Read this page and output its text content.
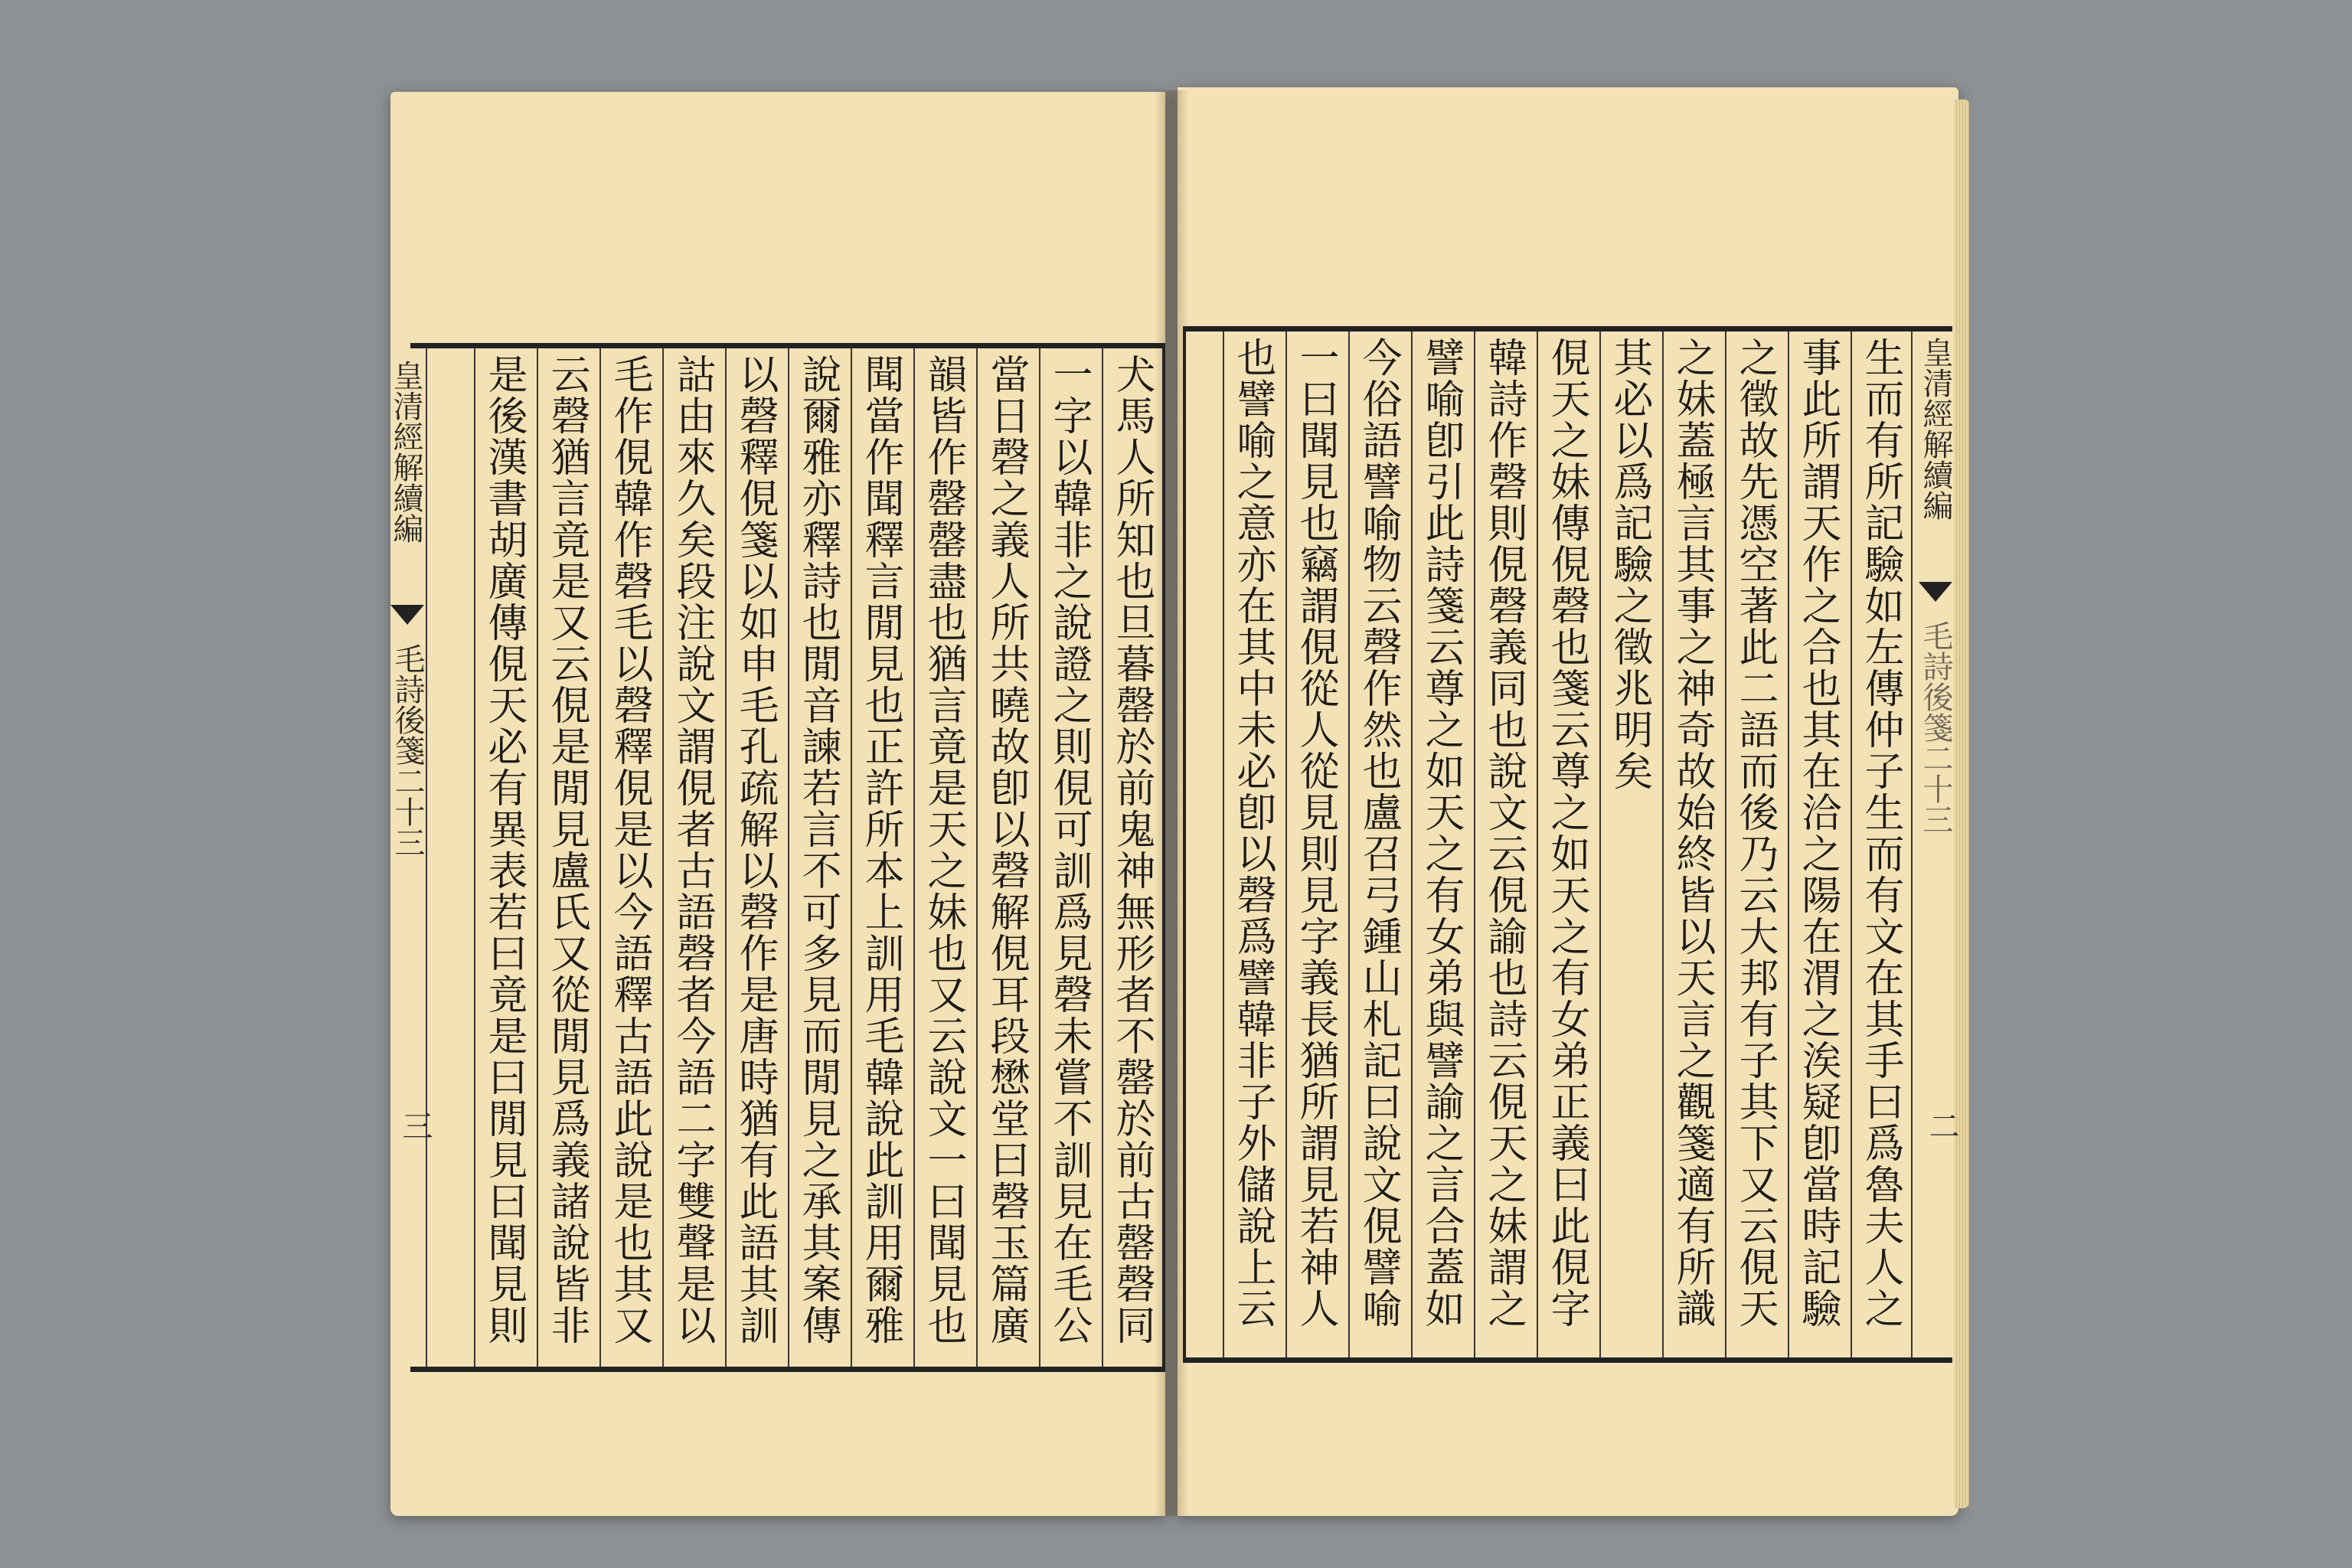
皇清經解續編
毛詩後箋二十三
三	犬馬人所知也旦暮罄於前鬼神無形者不罄於前古罄磬同
一字以韓非之說證之則俔可訓爲見磬未嘗不訓見在毛公
當日磬之義人所共曉故卽以磬解俔耳段懋堂曰磬玉篇廣
韻皆作罄罄盡也猶言竟是天之妹也又云說文一曰聞見也
聞當作聞釋言閒見也正許所本上訓用毛韓說此訓用爾雅
說爾雅亦釋詩也閒音諫若言不可多見而閒見之承其案傳
以磬釋俔箋以如申毛孔疏解以磬作是唐時猶有此語其訓
詁由來久矣段注說文謂俔者古語磬者今語二字雙聲是以
毛作俔韓作磬毛以磬釋俔是以今語釋古語此說是也其又
云磬猶言竟是又云俔是閒見盧氏又從閒見爲義諸說皆非
是後漢書胡廣傳俔天必有異表若曰竟是曰閒見曰聞見則	生而有所記驗如左傳仲子生而有文在其手曰爲魯夫人之
事此所謂天作之合也其在洽之陽在渭之涘疑卽當時記驗
之徵故先憑空著此二語而後乃云大邦有子其下又云俔天
之妹蓋極言其事之神奇故始終皆以天言之觀箋適有所識
其必以爲記驗之徵兆明矣
俔天之妹傳俔磬也箋云尊之如天之有女弟正義曰此俔字
韓詩作磬則俔磬義同也說文云俔諭也詩云俔天之妹謂之
譬喻卽引此詩箋云尊之如天之有女弟與譬諭之言合蓋如
今俗語譬喻物云磬作然也盧召弓鍾山札記曰說文俔譬喻
一曰聞見也竊謂俔從人從見則見字義長猶所謂見若神人
也譬喻之意亦在其中未必卽以磬爲譬韓非子外儲說上云	皇清經解續編
毛詩後箋二十三
二
